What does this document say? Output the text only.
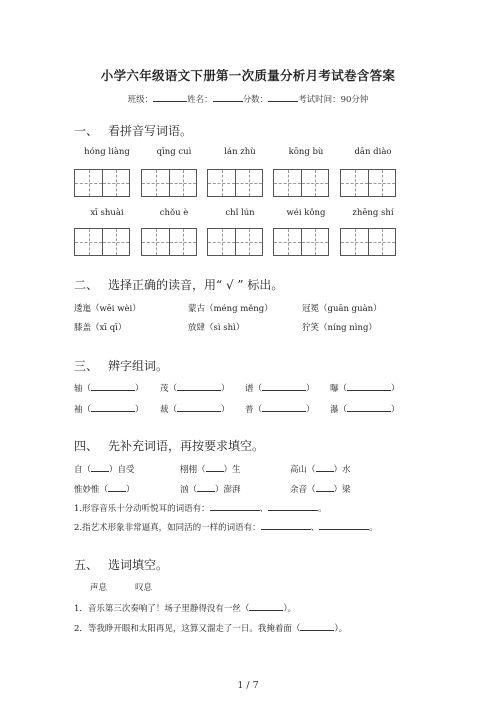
小学六年级语文下册第一次质量分析月考试卷含答案
班级：	姓名：	分数：	考试时间：90分钟
一、 看拼音写词语。
hóng liàng	qīng cuì	lán zhù	kōng bù	dān diào
xī shuài	chǒu è	chǐ lún	wéi kǒng	zhēng shí
二、 选择正确的读音，用“ √ ” 标出。
逶迤（wēi wèi）	蒙古（méng měng）	冠冕（guān guàn）
膝盖（xī qī）	放肆（sì shì）	狞笑（níng nìng）
三、 辨字组词。
轴（	） 茂（	） 谱（	） 曝（	）
袖（	） 裁（	） 普（	） 瀑（	）
四、 先补充词语，再按要求填空。
自（ ）自受	栩栩（ ）生	高山（ ）水
惟妙惟（ ）	汹（ ）澎湃	余音（ ）梁
1.形容音乐十分动听悦耳的词语有：	、	。
2.指艺术形象非常逼真，如同活的一样的词语有：	、	。
五、 选词填空。
声息	叹息
1．音乐第三次奏响了！场子里静得没有一丝（	）。
2．等我睁开眼和太阳再见，这算又溜走了一日。我掩着面（	）。
1 / 7
